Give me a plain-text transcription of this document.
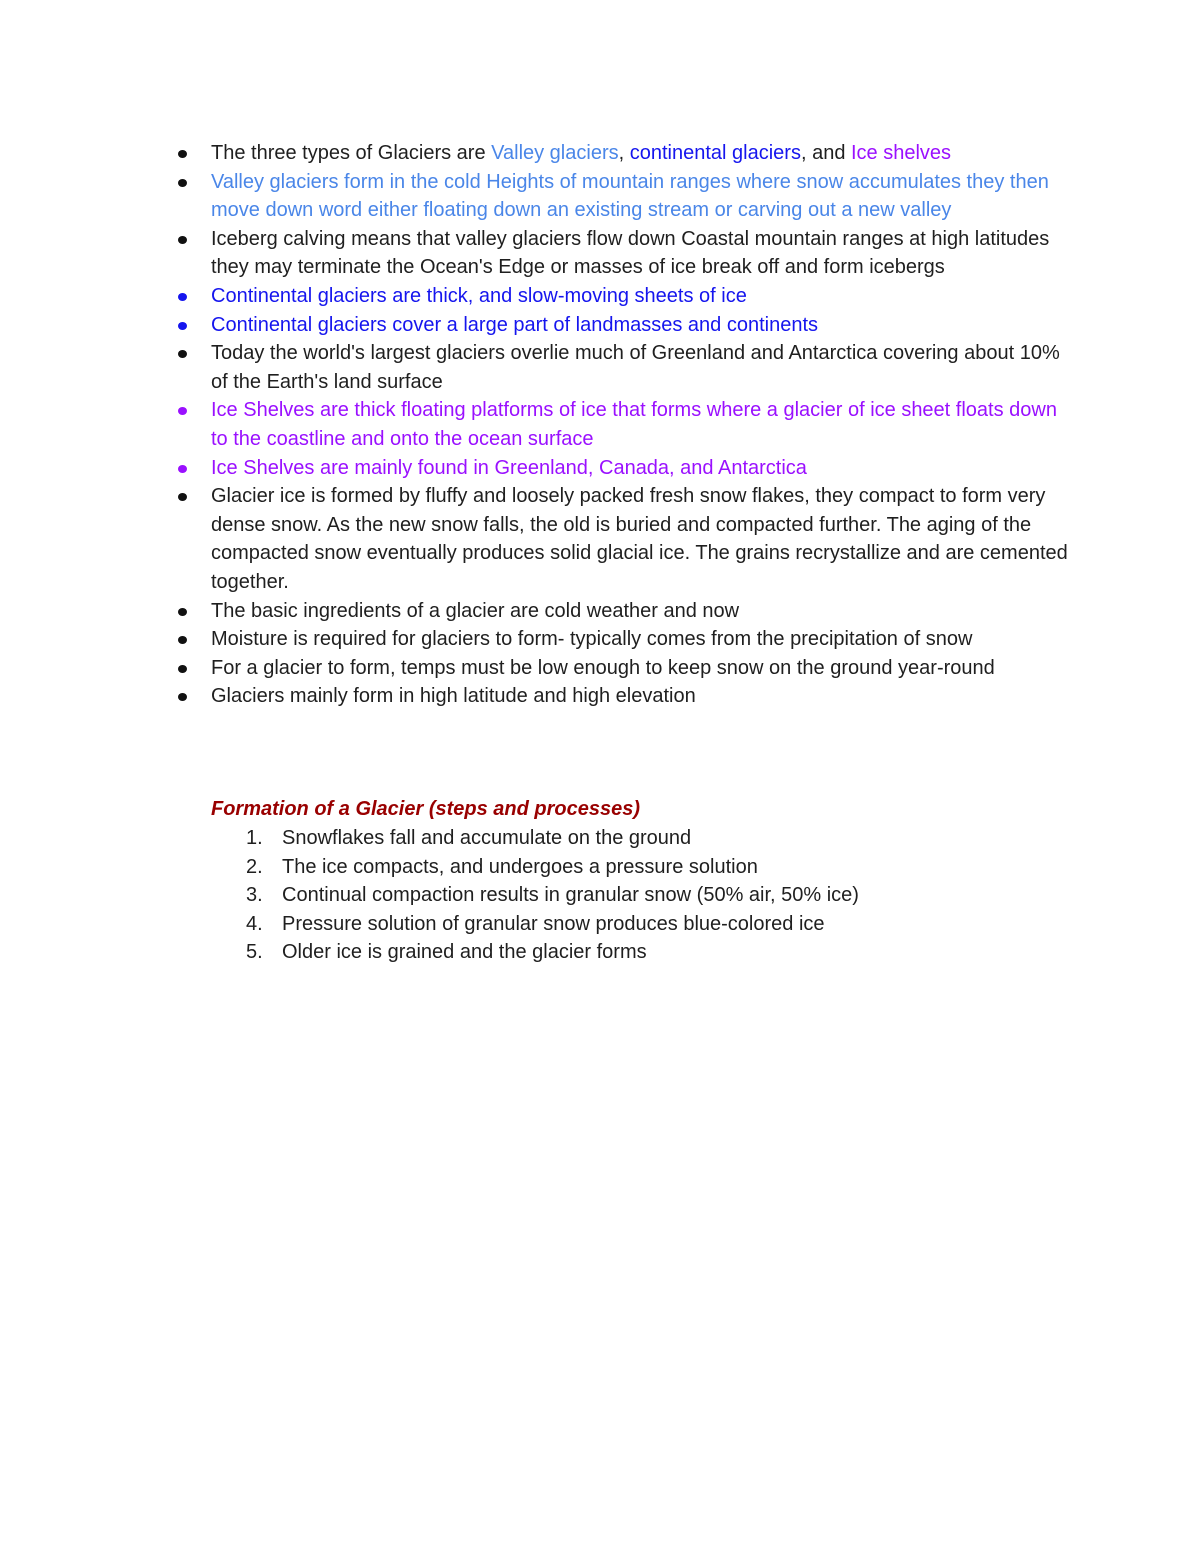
The three types of Glaciers are Valley glaciers, continental glaciers, and Ice shelves
Valley glaciers form in the cold Heights of mountain ranges where snow accumulates they then move down word either floating down an existing stream or carving out a new valley
Iceberg calving means that valley glaciers flow down Coastal mountain ranges at high latitudes they may terminate the Ocean's Edge or masses of ice break off and form icebergs
Continental glaciers are thick, and slow-moving sheets of ice
Continental glaciers cover a large part of landmasses and continents
Today the world's largest glaciers overlie much of Greenland and Antarctica covering about 10% of the Earth's land surface
Ice Shelves are thick floating platforms of ice that forms where a glacier of ice sheet floats down to the coastline and onto the ocean surface
Ice Shelves are mainly found in Greenland, Canada, and Antarctica
Glacier ice is formed by fluffy and loosely packed fresh snow flakes, they compact to form very dense snow. As the new snow falls, the old is buried and compacted further. The aging of the compacted snow eventually produces solid glacial ice. The grains recrystallize and are cemented together.
The basic ingredients of a glacier are cold weather and now
Moisture is required for glaciers to form- typically comes from the precipitation of snow
For a glacier to form, temps must be low enough to keep snow on the ground year-round
Glaciers mainly form in high latitude and high elevation

Formation of a Glacier (steps and processes)

1. Snowflakes fall and accumulate on the ground
2. The ice compacts, and undergoes a pressure solution
3. Continual compaction results in granular snow (50% air, 50% ice)
4. Pressure solution of granular snow produces blue-colored ice
5. Older ice is grained and the glacier forms
